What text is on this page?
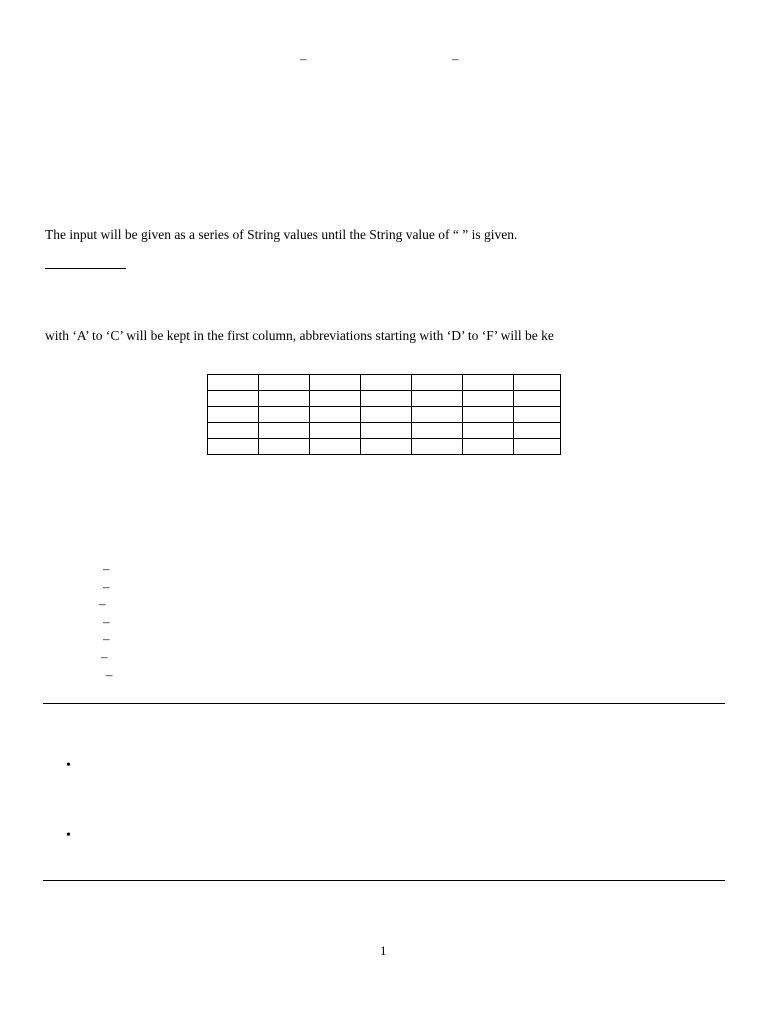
–	–
The input will be given as a series of String values until the String value of “ ” is given.
with ‘A’ to ‘C’ will be kept in the first column, abbreviations starting with ‘D’ to ‘F’ will be ke

–
–
–
–
–
–
–
•
•
1
